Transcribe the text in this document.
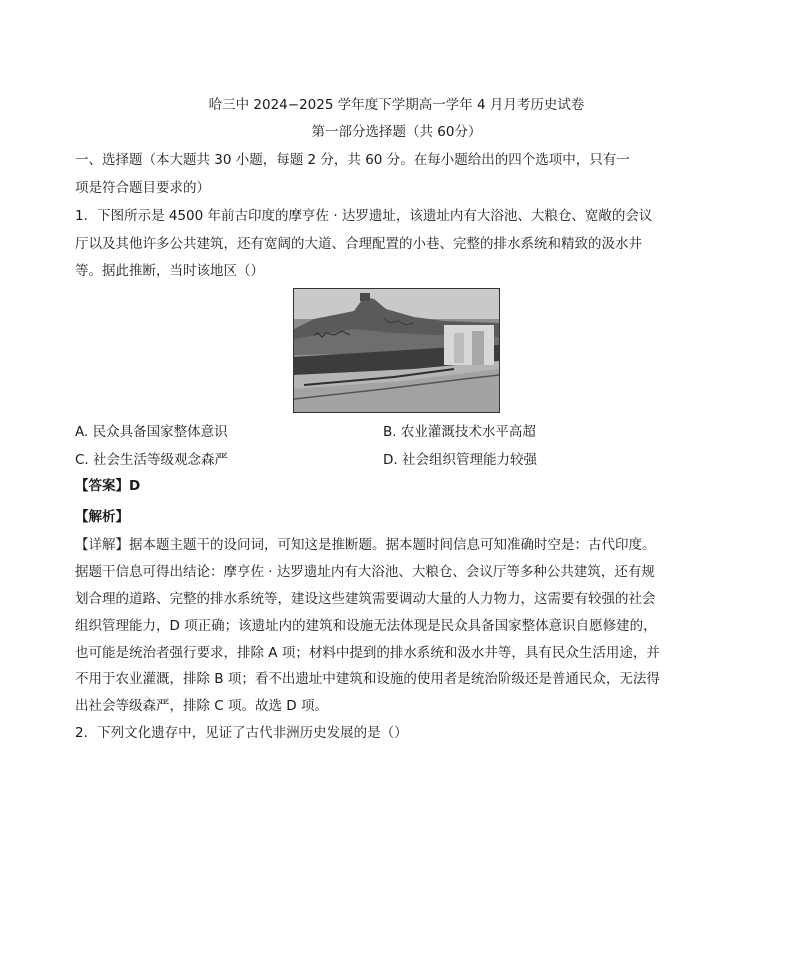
哈三中 2024−2025 学年度下学期高一学年 4 月月考历史试卷
第一部分选择题（共 60分）
一、选择题（本大题共 30 小题，每题 2 分，共 60 分。在每小题给出的四个选项中，只有一
项是符合题目要求的）
1．下图所示是 4500 年前古印度的摩亨佐 · 达罗遗址，该遗址内有大浴池、大粮仓、宽敞的会议
厅以及其他许多公共建筑，还有宽阔的大道、合理配置的小巷、完整的排水系统和精致的汲水井
等。据此推断，当时该地区（）
A. 民众具备国家整体意识	B. 农业灌溉技术水平高超
C. 社会生活等级观念森严	D. 社会组织管理能力较强
【答案】D
【解析】
【详解】据本题主题干的设问词，可知这是推断题。据本题时间信息可知准确时空是：古代印度。
据题干信息可得出结论：摩亨佐 · 达罗遗址内有大浴池、大粮仓、会议厅等多种公共建筑，还有规
划合理的道路、完整的排水系统等，建设这些建筑需要调动大量的人力物力，这需要有较强的社会
组织管理能力，D 项正确；该遗址内的建筑和设施无法体现是民众具备国家整体意识自愿修建的，
也可能是统治者强行要求，排除 A 项；材料中提到的排水系统和汲水井等，具有民众生活用途，并
不用于农业灌溉，排除 B 项；看不出遗址中建筑和设施的使用者是统治阶级还是普通民众，无法得
出社会等级森严，排除 C 项。故选 D 项。
2．下列文化遗存中，见证了古代非洲历史发展的是（）
